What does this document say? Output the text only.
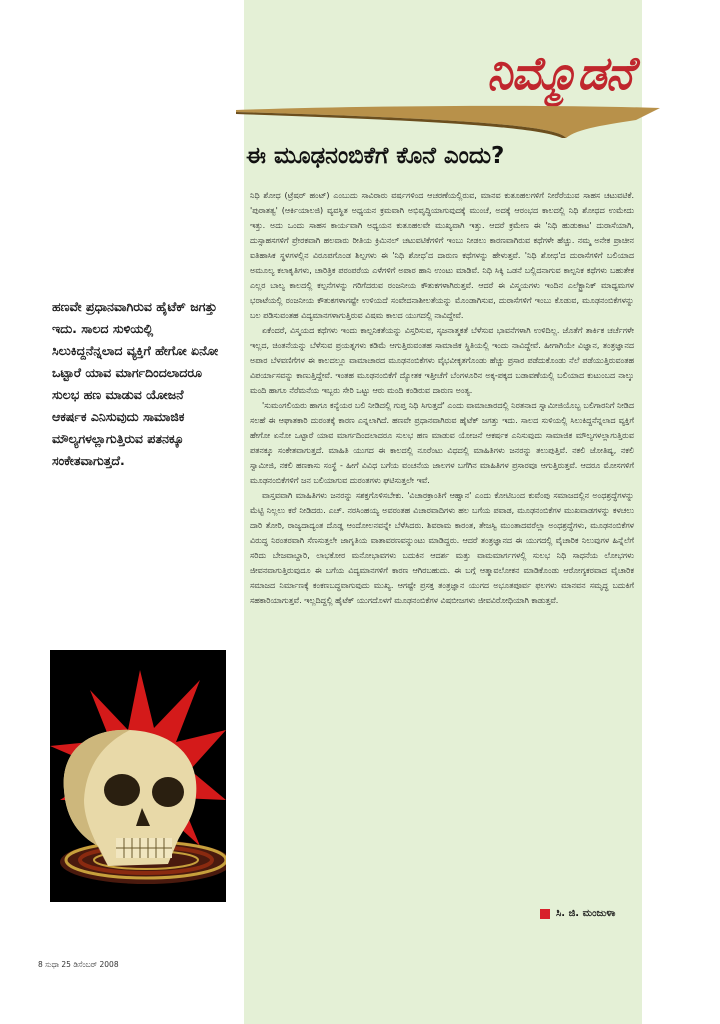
ನಿಮ್ಮೊಡನೆ
ಈ ಮೂಢನಂಬಿಕೆಗೆ ಕೊನೆ ಎಂದು?

ನಿಧಿ ಶೋಧ (ಟ್ರೆಷರ್ ಹಂಟ್) ಎಂಬುದು ಸಾವಿರಾರು ವರ್ಷಗಳಿಂದ ಆಚರಣೆಯಲ್ಲಿರುವ, ಮಾನವ ಕುತೂಹಲಗಳಿಗೆ ನೀರೆರೆಯುವ ಸಾಹಸ ಚಟುವಟಿಕೆ. 'ಪುರಾತತ್ವ' (ಆರ್ಕಿಯಾಲಜಿ) ವ್ಯವಸ್ಥಿತ ಅಧ್ಯಯನ ಕ್ರಮವಾಗಿ ಅಭಿವೃದ್ಧಿಯಾಗುವುದಕ್ಕೆ ಮುಂಚೆ, ಅದಕ್ಕೆ ಆರಂಭದ ಕಾಲದಲ್ಲಿ ನಿಧಿ ಶೋಧದ ಉಮೇದು ಇತ್ತು. ಅದು ಒಂದು ಸಾಹಸ ಕಾರ್ಯವಾಗಿ ಅಧ್ಯಯನ ಕುತೂಹಲವೇ ಮುಖ್ಯವಾಗಿ ಇತ್ತು. ಆದರೆ ಕ್ರಮೇಣ ಈ 'ನಿಧಿ ಹುಡುಕಾಟ' ದುರಾಸೆಯಾಗಿ, ದುಸ್ಸಾಹಸಗಳಿಗೆ ಪ್ರೇರಕವಾಗಿ ಹಲವಾರು ರೀತಿಯ ಕ್ರಿಮಿನಲ್ ಚಟುವಟಿಕೆಗಳಿಗೆ ಇಂಬು ನೀಡಲು ಕಾರಣವಾಗಿರುವ ಕಥೆಗಳೇ ಹೆಚ್ಚು. ನಮ್ಮ ಅನೇಕ ಪ್ರಾಚೀನ ಐತಿಹಾಸಿಕ ಸ್ಥಳಗಳಲ್ಲಿನ ವಿರೂಪಗೊಂಡ ಶಿಲ್ಪಗಳು ಈ 'ನಿಧಿ ಶೋಧ'ದ ದಾರುಣ ಕಥೆಗಳನ್ನು ಹೇಳುತ್ತವೆ. 'ನಿಧಿ ಶೋಧ'ದ ದುರಾಸೆಗಳಿಗೆ ಬಲಿಯಾದ ಅಮೂಲ್ಯ ಕಲಾಕೃತಿಗಳು, ಚಾರಿತ್ರಿಕ ಪರಂಪರೆಯ ಎಳೆಗಳಿಗೆ ಅಪಾರ ಹಾನಿ ಉಂಟು ಮಾಡಿವೆ. ನಿಧಿ ಸಿಕ್ಕಿ ಒಡನೆ ಬಲ್ಲಿದನಾಗುವ ಕಾಲ್ಪನಿಕ ಕಥೆಗಳು ಬಹುತೇಕ ಎಲ್ಲರ ಬಾಲ್ಯ ಕಾಲದಲ್ಲಿ ಕಲ್ಪನೆಗಳನ್ನು ಗರಿಗೆದರುವ ರಂಜನೀಯ ಕೌತುಕಗಳಾಗಿರುತ್ತವೆ. ಆದರೆ ಈ ವಿಸ್ಮಯಗಳು ಇಂದಿನ ಎಲೆಕ್ಟ್ರಾನಿಕ್ ಮಾಧ್ಯಮಗಳ ಭರಾಟೆಯಲ್ಲಿ ರಂಜನೀಯ ಕೌತುಕಗಳಾಗಷ್ಟೇ ಉಳಿಯದೆ ಸಂವೇದನಾಶೀಲತೆಯನ್ನು ಮೊಂಡಾಗಿಸುವ, ದುರಾಸೆಗಳಿಗೆ ಇಂಬು ಕೊಡುವ, ಮೂಢನಂಬಿಕೆಗಳನ್ನು ಬಲ ಪಡಿಸುವಂತಹ ವಿದ್ಯಮಾನಗಳಾಗುತ್ತಿರುವ ವಿಷಮ ಕಾಲದ ಯುಗದಲ್ಲಿ ನಾವಿದ್ದೇವೆ.

ಏಕೆಂದರೆ, ವಿಸ್ಮಯದ ಕಥೆಗಳು ಇಂದು ಕಾಲ್ಪನಿಕತೆಯನ್ನು ವಿಸ್ತರಿಸುವ, ಸೃಜನಾತ್ಮಕತೆ ಬೆಳೆಸುವ ಭಾವನೆಗಳಾಗಿ ಉಳಿದಿಲ್ಲ. ಜೊತೆಗೆ ತಾರ್ಕಿಕ ಚರ್ಚೆಗಳೇ ಇಲ್ಲದ, ಚಿಂತನೆಯನ್ನು ಬೆಳೆಸುವ ಪ್ರಯತ್ನಗಳು ಕಡಿಮೆ ಆಗುತ್ತಿರುವಂತಹ ಸಾಮಾಜಿಕ ಸ್ಥಿತಿಯಲ್ಲಿ ಇಂದು ನಾವಿದ್ದೇವೆ. ಹೀಗಾಗಿಯೇ ವಿಜ್ಞಾನ, ತಂತ್ರಜ್ಞಾನದ ಅಪಾರ ಬೆಳವಣಿಗೆಗಳ ಈ ಕಾಲದಲ್ಲೂ ವಾಮಾಚಾರದ ಮೂಢನಂಬಿಕೆಗಳು ವೈಭವೀಕೃತಗೊಂಡು ಹೆಚ್ಚು ಪ್ರಸಾರ ಪಡೆದುಕೊಂಡು ನೆಲೆ ಪಡೆಯುತ್ತಿರುವಂತಹ ವಿಪರ್ಯಾಸವನ್ನು ಕಾಣುತ್ತಿದ್ದೇವೆ. ಇಂತಹ ಮೂಢನಂಬಿಕೆಗೆ ದ್ಯೋತಕ ಇತ್ತೀಚೆಗೆ ಬೆಂಗಳೂರಿನ ಅಕ್ಕ-ಪಕ್ಕದ ಬಡಾವಣೆಯಲ್ಲಿ ಬಲಿಯಾದ ಕುಟುಂಬದ ನಾಲ್ಕು ಮಂದಿ ಹಾಗೂ ನೆರೆಮನೆಯ ಇಬ್ಬರು ಸೇರಿ ಒಟ್ಟು ಆರು ಮಂದಿ ಕಂಡಿರುವ ದಾರುಣ ಅಂತ್ಯ.

'ಸುಮಂಗಲಿಯರು ಹಾಗೂ ಕನ್ಯೆಯರ ಬಲಿ ನೀಡಿದಲ್ಲಿ ಗುಪ್ತ ನಿಧಿ ಸಿಗುತ್ತದೆ' ಎಂದು ವಾಮಾಚಾರದಲ್ಲಿ ನಿರತನಾದ ಸ್ವಾಮೀಜಿಯೊಬ್ಬ ಬಲಿಗಾರನಿಗೆ ನೀಡಿದ ಸಲಹೆ ಈ ಆಘಾತಕಾರಿ ದುರಂತಕ್ಕೆ ಕಾರಣ ಎನ್ನಲಾಗಿದೆ. ಹಣವೇ ಪ್ರಧಾನವಾಗಿರುವ ಹೈಟೆಕ್ ಜಗತ್ತು ಇದು. ಸಾಲದ ಸುಳಿಯಲ್ಲಿ ಸಿಲುಕಿದ್ದನೆನ್ನಲಾದ ವ್ಯಕ್ತಿಗೆ ಹೇಗೋ ಏನೋ ಒಟ್ಟಾರೆ ಯಾವ ಮಾರ್ಗದಿಂದಲಾದರೂ ಸುಲಭ ಹಣ ಮಾಡುವ ಯೋಜನೆ ಆಕರ್ಷಕ ಎನಿಸುವುದು ಸಾಮಾಜಿಕ ಮೌಲ್ಯಗಳಲ್ಲಾಗುತ್ತಿರುವ ಪತನಕ್ಕೂ ಸಂಕೇತವಾಗುತ್ತದೆ. ಮಾಹಿತಿ ಯುಗದ ಈ ಕಾಲದಲ್ಲಿ ನೂರೆಂಟು ವಿಧದಲ್ಲಿ ಮಾಹಿತಿಗಳು ಜನರನ್ನು ತಲುಪುತ್ತಿವೆ. ನಕಲಿ ಜೋತಿಷ್ಯ, ನಕಲಿ ಸ್ವಾಮೀಜಿ, ನಕಲಿ ಹಣಕಾಸು ಸಂಸ್ಥೆ - ಹೀಗೆ ವಿವಿಧ ಬಗೆಯ ವಂಚನೆಯ ಜಾಲಗಳ ಬಗೆಗಿನ ಮಾಹಿತಿಗಳ ಪ್ರಸಾರವೂ ಆಗುತ್ತಿರುತ್ತವೆ. ಆದರೂ ಮೋಸಗಳಿಗೆ ಮೂಢನಂಬಿಕೆಗಳಿಗೆ ಜನ ಬಲಿಯಾಗುವ ದುರಂತಗಳು ಘಟಿಸುತ್ತಲೇ ಇವೆ.

ವಾಸ್ತವವಾಗಿ ಮಾಹಿತಿಗಳು ಜನರನ್ನು ಸಶಕ್ತಗೊಳಿಸಬೇಕು. 'ವಿಚಾರಕ್ರಾಂತಿಗೆ ಆಹ್ವಾನ' ಎಂದು ಕೋಟಿಬಂದ ಕುವೆಂಪು ಸಮಾಜದಲ್ಲಿನ ಅಂಧಶ್ರದ್ಧೆಗಳನ್ನು ಮೆಟ್ಟಿ ನಿಲ್ಲಲು ಕರೆ ನೀಡಿದರು. ಎಚ್. ನರಸಿಂಹಯ್ಯ ಅವರಂತಹ ವಿಚಾರವಾದಿಗಳು ಹಲ ಬಗೆಯ ಪವಾಡ, ಮೂಢನಂಬಿಕೆಗಳ ಮುಖವಾಡಗಳನ್ನು ಕಳಚಲು ದಾರಿ ತೋರಿ, ರಾಜ್ಯದಾದ್ಯಂತ ದೊಡ್ಡ ಆಂದೋಲನವನ್ನೇ ಬೆಳೆಸಿದರು. ಶಿವರಾಮ ಕಾರಂತ, ತೇಜಸ್ವಿ ಮುಂತಾದವರೆಲ್ಲಾ ಅಂಧಶ್ರದ್ಧೆಗಳು, ಮೂಢನಂಬಿಕೆಗಳ ವಿರುದ್ಧ ನಿರಂತರವಾಗಿ ಸೆಣಸುತ್ತಲೇ ಜಾಗೃತಿಯ ವಾತಾವರಣವನ್ನುಂಟು ಮಾಡಿದ್ದರು. ಆದರೆ ತಂತ್ರಜ್ಞಾನದ ಈ ಯುಗದಲ್ಲಿ ವೈಚಾರಿಕ ನಿಲುವುಗಳ ಹಿನ್ನೆಲೆಗೆ ಸರಿದು ಬೇಜವಾಬ್ದಾರಿ, ಲಾಭಕೋರ ಮನೋಭಾವಗಳು ಬದುಕಿನ ಆದರ್ಶ ಮತ್ತು ವಾಮಮಾರ್ಗಗಳಲ್ಲಿ ಸುಲಭ ನಿಧಿ ಸಾಧನೆಯ ಲೋಭಗಳು ಜೀವನವಾಗುತ್ತಿರುವುದೂ ಈ ಬಗೆಯ ವಿದ್ಯಮಾನಗಳಿಗೆ ಕಾರಣ ಆಗಿರಬಹುದು. ಈ ಬಗ್ಗೆ ಆತ್ಮಾವಲೋಕನ ಮಾಡಿಕೊಂಡು ಆರೋಗ್ಯಕರವಾದ ವೈಚಾರಿಕ ಸಮಾಜದ ನಿರ್ಮಾಣಕ್ಕೆ ಕಂಕಣಬದ್ಧವಾಗುವುದು ಮುಖ್ಯ. ಆಗಷ್ಟೇ ಪ್ರಸಕ್ತ ತಂತ್ರಜ್ಞಾನ ಯುಗದ ಅಭೂತಪೂರ್ವ ಫಲಗಳು ಮಾನವನ ಸಮೃದ್ಧ ಬದುಕಿಗೆ ಸಹಕಾರಿಯಾಗುತ್ತವೆ. ಇಲ್ಲದಿದ್ದಲ್ಲಿ ಹೈಟೆಕ್ ಯುಗದೊಳಗೆ ಮೂಢನಂಬಿಕೆಗಳ ವಿಷಬೀಜಗಳು ಜೀವವಿರೋಧಿಯಾಗಿ ಕಾಡುತ್ತವೆ.

ಹಣವೇ ಪ್ರಧಾನವಾಗಿರುವ ಹೈಟೆಕ್ ಜಗತ್ತು ಇದು. ಸಾಲದ ಸುಳಿಯಲ್ಲಿ ಸಿಲುಕಿದ್ದನೆನ್ನಲಾದ ವ್ಯಕ್ತಿಗೆ ಹೇಗೋ ಏನೋ ಒಟ್ಟಾರೆ ಯಾವ ಮಾರ್ಗದಿಂದಲಾದರೂ ಸುಲಭ ಹಣ ಮಾಡುವ ಯೋಜನೆ ಆಕರ್ಷಕ ಎನಿಸುವುದು ಸಾಮಾಜಿಕ ಮೌಲ್ಯಗಳಲ್ಲಾಗುತ್ತಿರುವ ಪತನಕ್ಕೂ ಸಂಕೇತವಾಗುತ್ತದೆ.
ಸಿ. ಜಿ. ಮಂಜುಳಾ
8 ಸುಧಾ 25 ಡಿಸೆಂಬರ್ 2008
